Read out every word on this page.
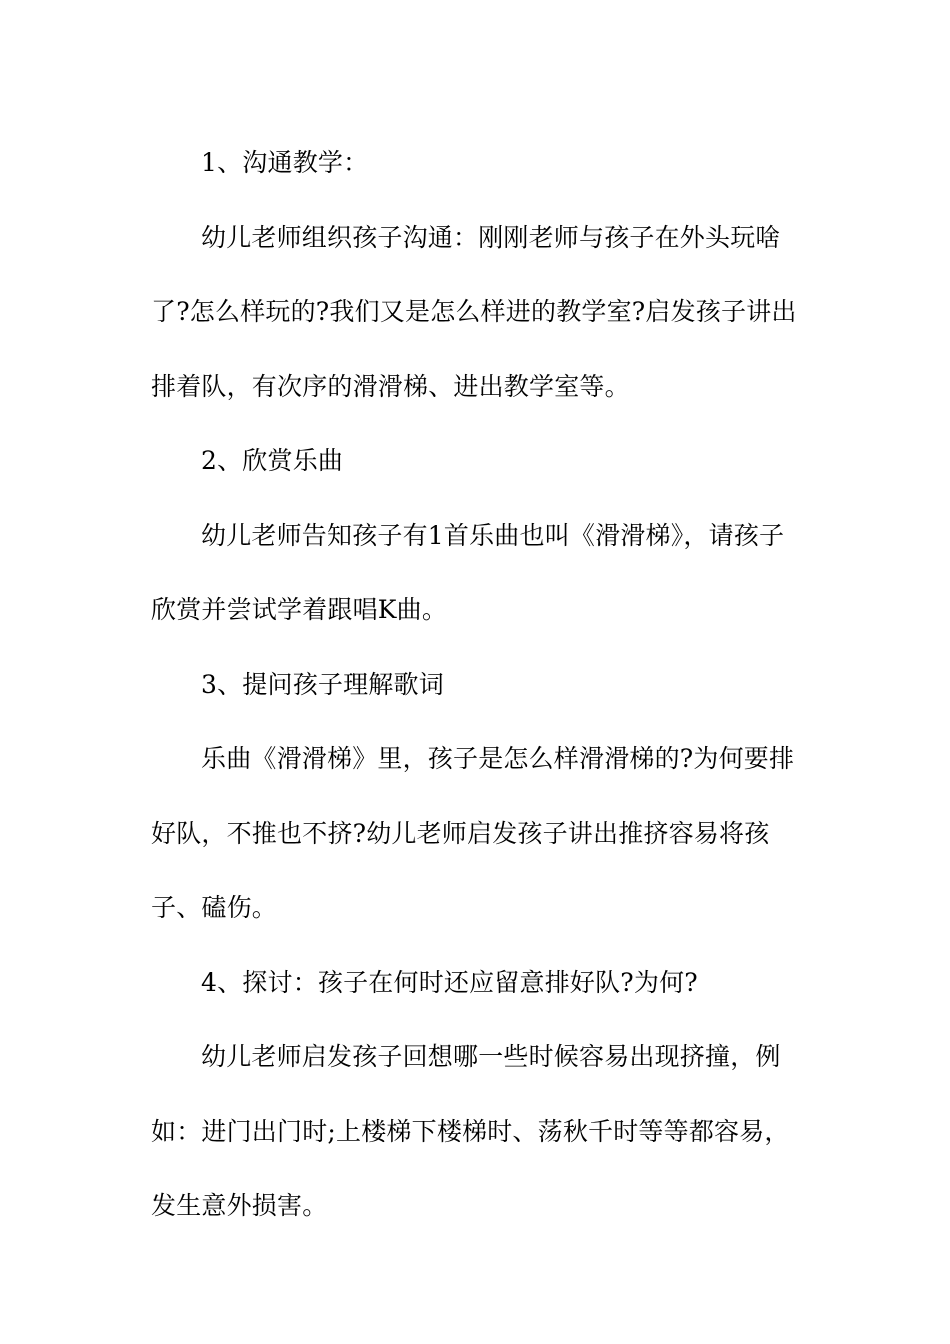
1、沟通教学：

幼儿老师组织孩子沟通：刚刚老师与孩子在外头玩啥了?怎么样玩的?我们又是怎么样进的教学室?启发孩子讲出排着队，有次序的滑滑梯、进出教学室等。

2、欣赏乐曲

幼儿老师告知孩子有1首乐曲也叫《滑滑梯》，请孩子欣赏并尝试学着跟唱K曲。

3、提问孩子理解歌词

乐曲《滑滑梯》里，孩子是怎么样滑滑梯的?为何要排好队，不推也不挤?幼儿老师启发孩子讲出推挤容易将孩子、磕伤。

4、探讨：孩子在何时还应留意排好队?为何?

幼儿老师启发孩子回想哪一些时候容易出现挤撞，例如：进门出门时;上楼梯下楼梯时、荡秋千时等等都容易，发生意外损害。
